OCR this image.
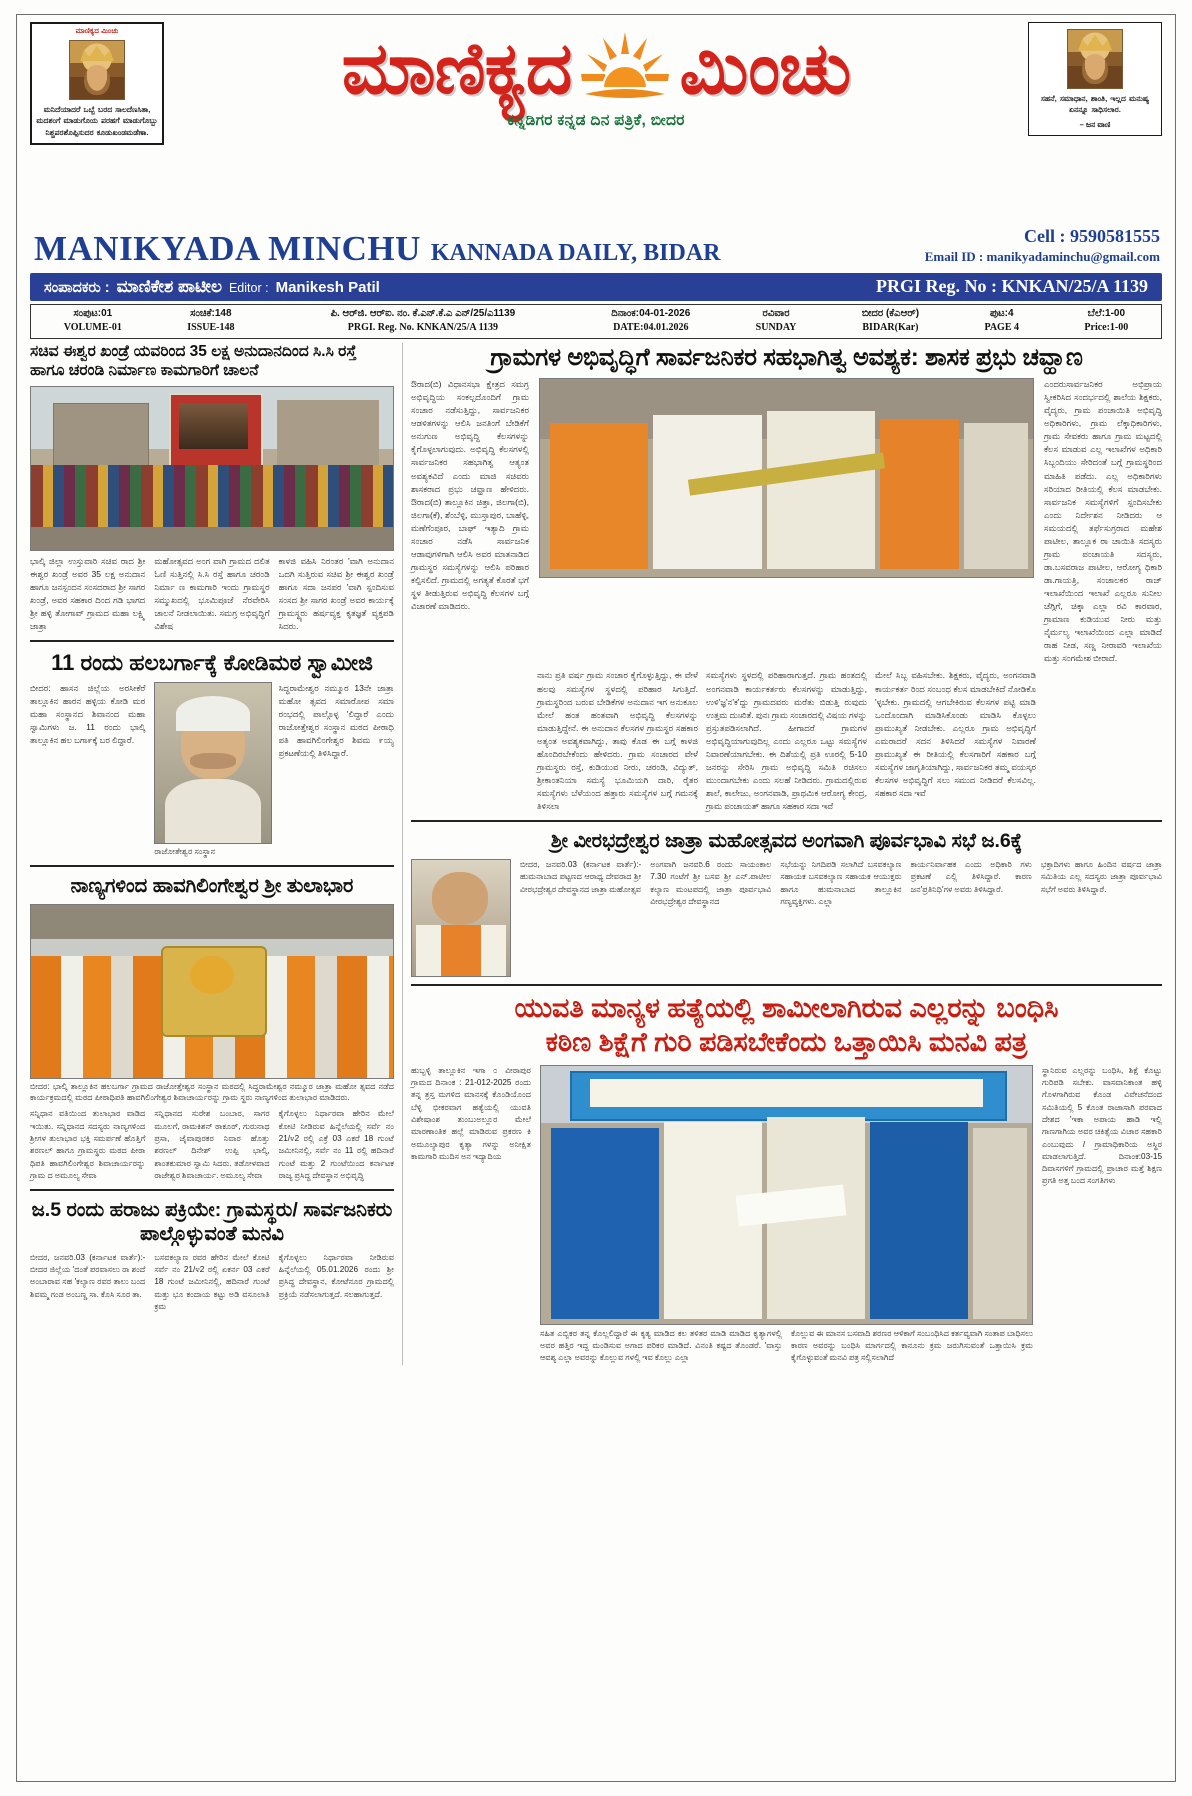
ಮಾಣಿಕ್ಯದ ಮಿಂಚು
ಮನಿದೆಯಾದರೆ ಒಬ್ಬೆ ಬರದ ಸಾಲದೆಣಸಿತಾ, ಮದಶಂಗೆ ಮಾಡುಗೊಯ ಪರಹಗೆ ಮಾಡುಗೊಬ್ಬು ನಿಶ್ಚಪರಶೊಪ್ಪಿಸುದರ ಕೂಡುಖಂಡಮಡೆಣಾ.
ಮಾಣಿಕ್ಯದ ಮಿಂಚು
ಕನ್ನಡಿಗರ ಕನ್ನಡ ದಿನ ಪತ್ರಿಕೆ, ಬೀದರ
ಸಹನೆ, ಸಮಾಧಾನ, ಶಾಂತಿ, ಇಲ್ಲದ ಮನುಷ್ಯ ಏನನ್ನೂ ಸಾಧಿಸಲಾರ.
– ಜನ ವಾಣಿ
MANIKYADA MINCHU KANNADA DAILY, BIDAR
Cell : 9590581555
Email ID : manikyadaminchu@gmail.com
ಸಂಪಾದಕರು : ಮಾಣಿಕೇಶ ಪಾಟೀಲ Editor : Manikesh Patil	PRGI Reg. No : KNKAN/25/A 1139
ಸಂಪುಟ:01
VOLUME-01
ಸಂಚಿಕೆ:148
ISSUE-148
ಪಿ. ಆರ್‌ಜಿ. ಆರ್‌ಐ. ನಂ. ಕೆ.ಎನ್.ಕೆ.ಎ ಎನ್/25/ಎ1139
PRGI. Reg. No. KNKAN/25/A 1139
ದಿನಾಂಕ:04-01-2026
DATE:04.01.2026
ರವಿವಾರ
SUNDAY
ಬೀದರ (ಕೆಎಆರ್)
BIDAR(Kar)
ಪುಟ:4
PAGE 4
ಬೆಲೆ:1-00
Price:1-00
ಸಚಿವ ಈಶ್ವರ ಖಂಡ್ರೆ ಯವರಿಂದ 35 ಲಕ್ಷ ಅನುದಾನದಿಂದ ಸಿ.ಸಿ ರಸ್ತೆ ಹಾಗೂ ಚರಂಡಿ ನಿರ್ಮಾಣ ಕಾಮಗಾರಿಗೆ ಚಾಲನೆ
ಭಾಲ್ಕಿ ಜಿಲ್ಲಾ ಉಸ್ತುವಾರಿ ಸಚಿವ ರಾದ ಶ್ರೀ ಈಶ್ವರ ಖಂಡ್ರೆ ಅವರ 35 ಲಕ್ಷ ಅನುದಾನ ಹಾಗೂ ಜನಸ್ಪಂದನ ಸಂಸದರಾದ ಶ್ರೀ ಸಾಗರ ಖಂಡ್ರೆ, ಅವರ ಸಹಕಾರ ದಿಂದ ಗಡಿ ಭಾಗದ ಶ್ರೀ ಹಳ್ಳಿ ತೋಗಾವ್ ಗ್ರಾಮದ ಮಹಾ ಲಕ್ಷ್ಮಿ ಜಾತ್ರಾ
ಮಹೋತ್ಸವದ ಅಂಗ ವಾಗಿ ಗ್ರಾಮದ ದಲಿತ ಓಣಿ ಸುತ್ತಿನಲ್ಲಿ ಸಿ.ಸಿ ರಸ್ತೆ ಹಾಗೂ ಚರಂಡಿ ನಿರ್ಮಾ ಣ ಕಾಮಗಾರಿ ಇಂದು ಗ್ರಾಮಸ್ಥರ ಸಮ್ಮುಖದಲ್ಲಿ ಭೂಮಿಪೂಜೆ ನೆರವೇರಿಸಿ ಚಾಲನೆ ನೀಡಲಾಯಿತು. ಸಮಗ್ರ ಅಭಿವೃದ್ಧಿಗೆ ವಿಶೇಷ
ಕಾಳಜಿ ವಹಿಸಿ ನಿರಂತರ 'ವಾಗಿ ಅನುದಾನ ಒದಗಿ ಸುತ್ತಿರುವ ಸಚಿವ ಶ್ರೀ ಈಶ್ವರ ಖಂಡ್ರೆ ಹಾಗೂ ಸದಾ ಜನಪರ 'ವಾಗಿ ಸ್ಪಂದಿಸುವ ಸಂಸದ ಶ್ರೀ ಸಾಗರ ಖಂಡ್ರೆ ಅವರ ಕಾರ್ಯಕ್ಕೆ ಗ್ರಾಮಸ್ಥ್ಯರು ಹರ್ಷವ್ಯಕ್ತ ಕೃತಜ್ಞತೆ ವ್ಯಕ್ತಪಡಿ ಸಿದರು.
11 ರಂದು ಹಲಬರ್ಗಾಕ್ಕೆ ಕೋಡಿಮಠ ಸ್ವಾಮೀಜಿ
ಬೀದರ: ಹಾಸನ ಜಿಲ್ಲೆಯ ಅರಸೀಕೆರೆ ತಾಲ್ಲೂಕಿನ ಹಾರನ ಹಳ್ಳಿಯ ಕೋಡಿ ಮಠ ಮಹಾ ಸಂಸ್ಥಾನದ ಶಿವಾನಂದ ಮಹಾ ಸ್ವಾಮಿಗಳು ಜ. 11 ರಂದು ಭಾಲ್ಕಿ ತಾಲ್ಲೂಕಿನ ಹಲ ಬಗಾ೯ಕ್ಕೆ ಬರ ಲಿದ್ದಾರೆ.
ರಾಜೋತೇಶ್ವರ ಸಂಸ್ಥಾನ
ಸಿದ್ಧರಾಮೇಶ್ವರ ನಮ್ಮೂರ 13ನೇ ಜಾತ್ರಾ ಮಹೋ ತ್ಸವದ ಸಮಾರೋಪ ಸಮಾ ರಂಭದಲ್ಲಿ ಪಾಲ್ಗೊಳ್ಳ 'ಲಿದ್ದಾರೆ ಎಂದು ರಾಜೋತ್ತೇಶ್ವರ ಸಂಸ್ಥಾನ ಮಠದ ಪೀಠಾಧಿ ಪತಿ ಹಾವಗಿಲಿಂಗೇಶ್ವರ ಶಿವಮ ೯ಯ್ಯ ಪ್ರಕಟಣೆಯಲ್ಲಿ ತಿಳಿಸಿದ್ದಾರೆ.
ನಾಣ್ಯಗಳಿಂದ ಹಾವಗಿಲಿಂಗೇಶ್ವರ ಶ್ರೀ ತುಲಾಭಾರ
ಬೀದರ: ಭಾಲ್ಕಿ ತಾಲ್ಲೂಕಿನ ಹಲಬರ್ಗಾ ಗ್ರಾಮದ ರಾಜೋತ್ತೇಶ್ವರ ಸಂಸ್ಥಾನ ಮಠದಲ್ಲಿ ಸಿದ್ಧರಾಮೇಶ್ವರ ನಮ್ಮೂರ ಜಾತ್ರಾ ಮಹೋ ತ್ಸವದ ನಡೆದ ಕಾರ್ಯಕ್ರಮದಲ್ಲಿ ಮಠದ ಪೀಠಾಧಿಪತಿ ಹಾವಗಿಲಿಂಗೇಶ್ವರ ಶಿವಾಚಾರ್ಯರನ್ನು ಗ್ರಾಮ ಸ್ಥರು ನಾಣ್ಯಗಳಿಂದ ತುಲಾಭಾರ ಮಾಡಿದರು.
ಸನ್ನಿಧಾನ ವತಿಯಿಂದ ತುಲಾಭಾರ ವಾಡಿದ ಇಯಿತು. ಸನ್ನಿಧಾನದ ಸದಸ್ಯರು ನಾಣ್ಯಗಳಿಂದ ಶ್ರೀಗಳ ತುಲಾಭಾರ ಭಕ್ತಿ ಸಮರ್ಪಣೆ ಹೊತ್ತಿಗೆ ಶರಣಲ್ ಹಾಗೂ ಗ್ರಾಮಸ್ಥರು ಮಠದ ಪೀಠಾ ಧಿಪತಿ ಹಾವಗಿಲಿಂಗೇಶ್ವರ ಶಿವಾಚಾರ್ಯರನ್ನು ಗ್ರಾಮ ದ ಅಮೂಲ್ಯ ಸೇವಾ
ಸನ್ನಿಧಾನದ ಸುರೇಶ ಬಂಬಾರ, ಸಾಗರ ಮೂಲಗೆ, ರಾಮಕಿಶನ್ ಠಾಕೂರ್, ಗುರುನಾಥ ಪ್ರಸಾ, ಜೈವಾಪುರಕರ ನಿವಾರ ಹೊತ್ತು ಶರಣಲ್ ದಿನೇಶ್ ಉಪ್ಪಿ ಭಾಲ್ಕಿ, ಶಾಂತಕುಮಾರ ಸ್ವಾಮಿ ಸಿದರು. ತಡೋಳವಾದ ರಾಜೇಶ್ವರ ಶಿವಾಚಾರ್ಯ. ಅಮೂಲ್ಯ ಸೇವಾ
ಕೈಗೊಳ್ಳಲು ನಿರ್ಧಾರವಾ ಹೇರಿನ ಮೇಲೆ ಕೋಟಿ ನೀಡಿರುವ ಹಿನ್ನೆಲೆಯಲ್ಲಿ ಸರ್ವೆ ನಂ 21/೪2 ರಲ್ಲಿ ಎಕ್ರೆ 03 ಎಕರೆ 18 ಗುಂಟೆ ಜಮೀನಿನಲ್ಲಿ, ಸರ್ವೆ ನಂ 11 ರಲ್ಲಿ ಹದಿನಾರೆ ಗುಂಟೆ ಮತ್ತು 2 ಗುಂಟೆಯಿಂದ ಕರ್ನಾಟಕ ರಾಜ್ಯ ಪ್ರಸಿದ್ಧ ದೇವಸ್ಥಾನ ಅಭಿವೃದ್ಧಿ
ಜ.5 ರಂದು ಹರಾಜು ಪಕ್ರಿಯೇ: ಗ್ರಾಮಸ್ಥರು/ ಸಾರ್ವಜನಿಕರು ಪಾಲ್ಗೊಳ್ಳುವಂತೆ ಮನವಿ
ಬೀದರ, ಜನವರಿ.03 (ಕರ್ನಾಟಕ ವಾರ್ತೆ):- ಬೀದರ ಜಿಲ್ಲೆಯ 'ದಂತೆ ಪರವಾಸಲು ರಾ ಶಂದೆ ಅಂಬಾರಾವ ಸಹ 'ಕಲ್ಯಾಣ ರವರ ತಾಲು ಬಂದ ಶಿವಮ್ಮ ಗಂಡ ಅಂಬಣ್ಣ ಸಾ. ಕೊಸಿ ಸೂರ ತಾ.
ಬಸವಕಲ್ಯಾಣ ರವರ ಹೇರಿನ ಮೇಲೆ ಕೋಟಿ ಸರ್ವೆ ನಂ 21/೪2 ರಲ್ಲಿ ಏಕರ್ನ 03 ಎಕರೆ 18 ಗುಂಟೆ ಜಮೀನಿನಲ್ಲಿ, ಹದಿನಾರೆ ಗುಂಟೆ ಮತ್ತು ಭೂ ಕಂದಾಯ ಕಟ್ಟು ಅಡಿ ವಸೂಲಾತಿ ಕ್ರಮ
ಕೈಗೊಳ್ಳಲು ನಿರ್ಧಾರವಾ ನೀಡಿರುವ ಹಿನ್ನೆಲೆಯಲ್ಲಿ 05.01.2026 ರಂದು ಶ್ರೀ ಪ್ರಸಿದ್ಧ ದೇವಸ್ಥಾನ, ಕೋಟೆನೂರ ಗ್ರಾಮದಲ್ಲಿ ಪ್ರಕ್ರಿಯೆ ನಡೆಸಲಾಗುತ್ತದೆ. ಸಲಹಾಗುತ್ತದೆ.
ಗ್ರಾಮಗಳ ಅಭಿವೃದ್ಧಿಗೆ ಸಾರ್ವಜನಿಕರ ಸಹಭಾಗಿತ್ವ ಅವಶ್ಯಕ: ಶಾಸಕ ಪ್ರಭು ಚವ್ಹಾಣ
ಔರಾದ(ಬಿ) ವಿಧಾನಸಭಾ ಕ್ಷೇತ್ರದ ಸಮಗ್ರ ಅಭಿವೃದ್ಧಿಯ ಸಂಕಲ್ಪದೊಂದಿಗೆ ಗ್ರಾಮ ಸಂಚಾರ ನಡೆಸುತ್ತಿದ್ದು, ಸಾರ್ವಜನಿಕರ ಆಡಳಿತಗಳನ್ನು ಆಲಿಸಿ ಜನತಿಂಗೆ ಬೇಡಿಕೆಗೆ ಅನುಗುಣ ಅಭಿವೃದ್ಧಿ ಕೆಲಸಗಳನ್ನು ಕೈಗೊಳ್ಳಲಾಗುವುದು. ಅಭಿವೃದ್ಧಿ ಕೆಲಸಗಳಲ್ಲಿ ಸಾರ್ವಜನಿಕರ ಸಹಭಾಗಿತ್ವ ಆತ್ಯಂತ ಅವಶ್ಯಕವಿದೆ ಎಂದು ಮಾಜಿ ಸಚಿವರು ಶಾಸಕರಾದ ಪ್ರಭು ಚವ್ಹಾಣ ಹೇಳಿದರು. ಔರಾದ(ಬಿ) ತಾಲ್ಲೂಕಿನ ಚಿತ್ತಾ, ಜಿಲಗಾ(ಬಿ), ಜಿಲಗಾ(ಕೆ), ಶೆಂಬೆಳ್ಳಿ, ಮುಸ್ತಾಪುರ, ಬಾಹೆಳ್ಳಿ, ಮಣೆಗೆಂಪೂರ, ಬಾಘ್ ಇತ್ಯಾದಿ ಗ್ರಾಮ ಸಂಚಾರ ನಡೆಸಿ ಸಾರ್ವಜನಿಕ ಆಡಾವುಗಳಿಗಾಗಿ ಆಲಿಸಿ ಅವರ ಮಾತನಾಡಿದ ಗ್ರಾಮಸ್ಥರ ಸಮಸ್ಯೆಗಳನ್ನು ಆಲಿಸಿ ಪರಿಹಾರ ಕಲ್ಪಿಸಲಿದೆ. ಗ್ರಾಮದಲ್ಲಿ ಅಗತ್ಯತೆ ಕೊರತೆ ಭಗೆ ಸ್ಥಳ ತೀಡುತ್ತಿರುವ ಅಭಿವೃದ್ಧಿ ಕೆಲಸಗಳ ಬಗ್ಗೆ ವಿಚಾರಣೆ ಮಾಡಿದರು.
ಎಂದರುಸಾರ್ವಜನಿಕರ ಅಭಿಪ್ರಾಯ ಸ್ವೀಕರಿಸಿದ ಸಂದರ್ಭದಲ್ಲಿ ಶಾಲೆಯ ಶಿಕ್ಷಕರು, ವೈದ್ಯರು, ಗ್ರಾಮ ಪಂಚಾಯಿತಿ ಅಭಿವೃದ್ಧಿ ಅಧಿಕಾರಿಗಳು, ಗ್ರಾಮ ಲೆಕ್ಕಾಧಿಕಾರಿಗಳು, ಗ್ರಾಮ ಸೇವಕರು ಹಾಗೂ ಗ್ರಾಮ ಮಟ್ಟದಲ್ಲಿ ಕೆಲಸ ಮಾಡುವ ಎಲ್ಲ ಇಲಾಖೆಗಳ ಅಧಿಕಾರಿ ಸಿಬ್ಬಂದಿಯು ಸೇರಿದಂತೆ ಬಗ್ಗೆ ಗ್ರಾಮಸ್ಥರಿಂದ ಮಾಹಿತಿ ಪಡೆದು. ಎಲ್ಲ ಅಧಿಕಾರಿಗಳು ಸರಿಯಾದ ರೀತಿಯಲ್ಲಿ ಕೆಲಸ ಮಾಡಬೇಕು. ಸಾರ್ವಜನಿಕ ಸಮಸ್ಯೆಗಳಿಗೆ ಸ್ಪಂದಿಸಬೇಕು ಎಂದು ನಿರ್ದೇಶನ ನೀಡಿದರು ಆ ಸಮಯದಲ್ಲಿ ತರ್ಫೆಸುಗ್ರರಾದ ಮಹೇಶ ಪಾಟೀಲ, ತಾಲ್ಲೂಕ ರಾ ಚಾಯಿತಿ ಸದಸ್ಯರು ಗ್ರಾಮ ಪಂಚಾಯತಿ ಸದಸ್ಯರು, ಡಾ.ಬಸವರಾಜ ಪಾಟೀಲ, ಆರೋಗ್ಯ ಧಿಕಾರಿ ಡಾ.ಗಾಯತ್ರಿ, ಸಂಚಾಲಕರ ರಾಜ್ ಇಲಾಖೆಯಿಂದ ಇಲಾಖೆ ಎಲ್ಲರೂ ಸುನೀಲ ಚೆಗ್ಗಿಗೆ, ಚಿಕ್ಕಾ ಎಲ್ಲಾ ರವಿ ಕಾರವಾರ, ಗ್ರಾಮಾಣ ಕುಡಿಯುವ ನೀರು ಮತ್ತು ನೈರ್ಮಲ್ಯ ಇಲಾಖೆಯಿಂದ ಎಲ್ಲಾ ಮಾಡಿದೆ ರಾಹ ನೀಡ, ಸಣ್ಣ ನೀರಾವರಿ ಇಲಾಖೆಯ ಮತ್ತು ಸಂಗಮೇಶ ಬೀರಾದೆ.
ನಾನು ಪ್ರತಿ ವರ್ಷ ಗ್ರಾಮ ಸಂಚಾರ ಕೈಗೊಳ್ಳುತ್ತಿದ್ದು, ಈ ವೇಳೆ ಹಲವು ಸಮಸ್ಯೆಗಳ ಸ್ಥಳದಲ್ಲಿ ಪರಿಹಾರ ಸಿಗುತ್ತಿದೆ. ಗ್ರಾಮಸ್ಥರಿಂದ ಬರುವ ಬೇಡಿಕೆಗಳ ಅನುದಾನ ಇಗ ಅನುಕೂಲ ಮೇಲೆ ಹಂತ ಹಂತವಾಗಿ ಅಭಿವೃದ್ಧಿ ಕೆಲಸಗಳನ್ನು ಮಾಡುತ್ತಿದ್ದೇನೆ. ಈ ಅನುದಾನ ಕೆಲಸಗಳ ಗ್ರಾಮಸ್ಥರ ಸಹಕಾರ ಅತ್ಯಂತ ಅವಶ್ಯಕವಾಗಿದ್ದು, ತಾವು ಕೊಡ ಈ ಬಗ್ಗೆ ಕಾಳಜಿ ಹೊಂದಿರಬೇಕೆಂದು ಹೇಳಿದರು. ಗ್ರಾಮ ಸಂಚಾರದ ವೇಳೆ ಗ್ರಾಮಸ್ಥರು ರಸ್ತೆ, ಕುಡಿಯುವ ನೀರು, ಚರಂಡಿ, ವಿದ್ಯುತ್, ಶ್ರೀಕಾಂತನಿಯಾ ಸಮಸ್ಯೆ ಭೂಮಿಯಗಿ ದಾರಿ, ರೈತರ ಸಮಸ್ಯೆಗಳು ಬೆಳೆಯಂದ ಹತ್ತಾರು ಸಮಸ್ಯೆಗಳ ಬಗ್ಗೆ ಗಮನಕ್ಕೆ ತಿಳಿಸಲಾ
ಸಮಸ್ಯೆಗಳು ಸ್ಥಳದಲ್ಲಿ ಪರಿಹಾರಾಗುತ್ತದೆ. ಗ್ರಾಮ ಹಂತದಲ್ಲಿ ಅಂಗನವಾಡಿ ಕಾರ್ಯಕರ್ತರು ಕೆಲಸಗಳನ್ನು ಮಾಡುತ್ತಿದ್ದು, ಉಳಿ'ಜ್ಞ'ನ'ಕ'ದ್ದು ಗ್ರಾಮದವರು ಮರೆತು ಬಿಡುತ್ತಿ ರುವುದು ಉತ್ತಮ ದುಃಖಿತೆ. ಪುನಃ ಗ್ರಾಮ ಸಂಚಾರದಲ್ಲಿ ವಿಷಯ ಗಳನ್ನು ಪ್ರಸ್ತುತಪಡಿಸಲಾಗಿದೆ. ಹೀಗಾದರೆ ಗ್ರಾಮಗಳ ಅಭಿವೃದ್ಧಿಯಾಗುವುದಿಲ್ಲ ಎಂದು ಎಲ್ಲರೂ ಒಟ್ಟು ಸಮಸ್ಯೆಗಳ ನಿವಾರಣೆಯಾಗಬೇಕು. ಈ ದಿಶೆಯಲ್ಲಿ ಪ್ರತಿ ಊರಲ್ಲಿ 5-10 ಜನರನ್ನು ಸೇರಿಸಿ ಗ್ರಾಮ ಅಭಿವೃದ್ಧಿ ಸಮಿತಿ ರಚಿಸಲು ಮುಂದಾಗಬೇಕು ಎಂದು ಸಲಹೆ ನೀಡಿದರು. ಗ್ರಾಮದಲ್ಲಿರುವ ಶಾಲೆ, ಕಾಲೇಜು, ಅಂಗನವಾಡಿ, ಪ್ರಾಥಮಿಕ ಆರೋಗ್ಯ ಕೇಂದ್ರ, ಗ್ರಾಮ ಪಂಚಾಯತ್ ಹಾಗೂ ಸಹಕಾರ ಸದಾ ಇವೆ
ಮೇಲೆ ಸಿಬ್ಬ ವಹಿಸಬೇಕು. ಶಿಕ್ಷಕರು, ವೈದ್ಯರು, ಅಂಗನವಾಡಿ ಕಾರ್ಯಕರ್ತ ರಿಂದ ಸಂಬಂಧ ಕೆಲಸ ಮಾಡಬೇಕಿದೆ ನೋಡಿಕೊ 'ಳ್ಳಬೇಕು. ಗ್ರಾಮದಲ್ಲಿ ಆಗಬೇಕಿರುವ ಕೆಲಸಗಳ ಪಟ್ಟಿ ಮಾಡಿ ಒಂದೊಂದಾಗಿ ಮಾಡಿಸಿಕೊಂಡು ಮಾಡಿಸಿ ಕೊಳ್ಳಲು ಪ್ರಾಮುಖ್ಯತೆ ನೀಡಬೇಕು. ಎಲ್ಲರೂ ಗ್ರಾಮ ಅಭಿವೃದ್ಧಿಗೆ ಎಮರಾದರೆ ಸದನ ತಿಳಿಸಿದರೆ ಸಮಸ್ಯೆಗಳ ನಿವಾರಣೆ ಪ್ರಾಮುಖ್ಯತೆ ಈ ರೀತಿಯಲ್ಲಿ ಕೆಲಸಗಾರಿಗೆ ಸಹಕಾರ ಬಗ್ಗೆ ಸಮಸ್ಯೆಗಳ ಜಾಗೃತಿಯಾಗಿದ್ದು, ಸಾರ್ವಜನಿಕರ ತಮ್ಮ ವಯಸ್ಕರ ಕೆಲಸಗಳ ಅಭಿವೃದ್ಧಿಗೆ ಸಲು ಸಮುದ ನೀಡಿದರೆ ಕೆಲಸವಿಲ್ಲ. ಸಹಕಾರ ಸದಾ ಇವೆ
ಶ್ರೀ ವೀರಭದ್ರೇಶ್ವರ ಜಾತ್ರಾ ಮಹೋತ್ಸವದ ಅಂಗವಾಗಿ ಪೂರ್ವಭಾವಿ ಸಭೆ ಜ.6ಕ್ಕೆ
ಬೀದರ, ಜನವರಿ.03 (ಕರ್ನಾಟಕ ವಾರ್ತೆ):- ಹುಮನಾಬಾದ ಪಟ್ಟಣದ ಆರಾಧ್ಯ ದೇವರಾದ ಶ್ರೀ ವೀರಭದ್ರೇಶ್ವರ ದೇವಸ್ಥಾನದ ಜಾತ್ರಾ ಮಹೋತ್ಸವ
ಅಂಗವಾಗಿ ಜನವರಿ.6 ರಂದು ಸಾಯಂಕಾಲ 7.30 ಗಂಟೆಗೆ ಶ್ರೀ ಬಸವ ಶ್ರೀ ಎನ್.ಪಾಟೀಲ ಕಲ್ಯಾಣ ಮಂಟಪದಲ್ಲಿ ಜಾತ್ರಾ ಪೂರ್ವಭಾವಿ ವೀರಭದ್ರೇಶ್ವರ ದೇವಸ್ಥಾನದ
ಸಭೆಯನ್ನು ನಿಗದಿಪಡಿ ಸಲಾಗಿದೆ ಬಸವಕಲ್ಯಾಣ ಸಹಾಯಕ ಬಸವಕಲ್ಯಾಣ ಸಹಾಯಕ ಆಯುಕ್ತರು ಹಾಗೂ ಹುಮನಾಬಾದ ತಾಲ್ಲೂಕಿನ ಗಣ್ಯವ್ಯಕ್ತಿಗಳು. ಎಲ್ಲಾ
ಕಾರ್ಯನಿರ್ವಾಹಕ ಎಂದು ಅಧಿಕಾರಿ ಗಳು ಪ್ರಕಟಣೆ ಎಲ್ಲಿ ತಿಳಿಸಿದ್ದಾರೆ. ಕಾರಣ ಜನ'ಪ್ರತಿನಿಧಿ'ಗಳ ಅವರು ತಿಳಿಸಿದ್ದಾರೆ.
ಭಕ್ತಾದಿಗಳು ಹಾಗೂ ಹಿಂದಿನ ವರ್ಷದ ಜಾತ್ರಾ ಸಮಿತಿಯ ಎಲ್ಲ ಸದಸ್ಯರು ಜಾತ್ರಾ ಪೂರ್ವಭಾವಿ ಸಭೆಗೆ ಅವರು ತಿಳಿಸಿದ್ದಾರೆ.
ಯುವತಿ ಮಾನ್ಯಳ ಹತ್ಯೆಯಲ್ಲಿ ಶಾಮೀಲಾಗಿರುವ ಎಲ್ಲರನ್ನು ಬಂಧಿಸಿ
ಕಠಿಣ ಶಿಕ್ಷೆಗೆ ಗುರಿ ಪಡಿಸಬೇಕೆಂದು ಒತ್ತಾಯಿಸಿ ಮನವಿ ಪತ್ರ
ಹುಬ್ಬಳ್ಳಿ ತಾಲ್ಲೂಕಿನ ಇಗಾ ೦ ವೀರಾಪುರ ಗ್ರಾಮದ ದಿನಾಂಕ : 21-012-2025 ರಂದು ತನ್ನ ತ್ರಸ್ತ ಮಗಳಿದ ಮಾನಸಕ್ಕೆ ಕೊಂಡಿಯೊಂದ ಬೆಳ್ಳಿ ಭೀಕರವಾಗ ಹತ್ಯೆಯಲ್ಲಿ ಯುವತಿ ವಿಶೇಷಾಂಶ ತುಂಬುಅಲ್ಲೂರ ಮೇಲೆ ಮಾರಣಾಂತಿಕ ಹಲ್ಲೆ ಮಾಡಿರುವ ಪ್ರಕರಣ ಕಿ ಅಮೂಲ್ಯಾಪುರ ಕೃತ್ಯಾ ಗಳನ್ನು ಅನೀಕ್ಷಿತ ಕಾಮಗಾರಿ ಮುದಿಸ ಅನ ಇದ್ಯಾದಿಯ
ಸಹಿತ ಎಬ್ಬಿಕರ ತನ್ನ ಕೊಲ್ಲಲಿದ್ದಾರೆ ಈ ಕೃತ್ಯ ಮಾಡಿದ ಕಲ ತಳಿತರ ಮಾಡಿ ಮಾಡಿದ ಕೃತ್ಯಾಗಳಲ್ಲಿ ಅವರ ಹತ್ತಿರ ಇದ್ದ ಮಂಡಿಸುವ ಅಗಾದ ಪರಿಕರ ಮಾಡಿದೆ. ವಿನಂತಿ ಕಷ್ಟದ ತೊಂಡರೆ. 'ವಾಸ್ತು ಆವಶ್ಯ ಎಲ್ಲಾ ಅವರನ್ನು ಕೊಲ್ಲುವ ಗಳಲ್ಲಿ ಇವ ಕೊಲ್ಲು ಎಲ್ಲಾ
ಕೊಲ್ಲುವ ಈ ಮಾನಸ ಬಸವಾದಿ ಶರಣರ ಆಳಿಕಾಗೆ ಸಂಬಂಧಿಸಿದ ಕರ್ತವ್ಯವಾಗಿ ಸಂತಾಪ ಬಾಧಿಸಲು ಕಾರಣ ಅವರನ್ನು ಬಂಧಿಸಿ ಮಾರ್ಗದಲ್ಲಿ ಕಾನೂನು ಕ್ರಮ ಜರುಗಿಸುವಂತೆ ಒತ್ತಾಯಿಸಿ ಕ್ರಮ ಕೈಗೊಳ್ಳುವಂತೆ ಮನವಿ ಪತ್ರ ಸಲ್ಲಿಸಲಾಗಿದೆ
ಸ್ಥಾನಿರುವ ಎಲ್ಲರನ್ನು ಬಂಧಿಸಿ, ಶಿಕ್ಷೆ ಕೊಟ್ಟು ಗುರಿಪಡಿ ಸಬೇಕು. ವಾಸವಾನಿಕಾಂತ ಹಳ್ಳಿ ಗೊಳಗಾಗಿರುವ ಕೊಂಡ ವಿವೇಚನೆದಂದ ಸಮಿತಿಯಲ್ಲಿ 5 ಕೊಂತ ರಾಜಾಸಾಗಿ ಪರವಾದ ದೇಶದ 'ಇಕಾ ಅಪಾಯ ಹಾಡಿ ಇಲ್ಲಿ ಗಾಣಗಾಗಿಯ ಅವರ ಚಿಕಿತ್ಸೆಯ ವಿಚಾರ ಸಹಕಾರಿ ಎಂಬುವುದು / ಗ್ರಾಮಾಧಿಕಾರಿಯ ಅಸ್ಥಿರ ಮಾಡಲಾಗುತ್ತಿದೆ. ದಿನಾಂಕ:03-15 ದಿವಾಸಗಳಿಗೆ ಗ್ರಾಮದಲ್ಲಿ ಪ್ರಾಚಾರ ಮತ್ತೆ ಶಿಕ್ಷಣ ಪ್ರಗತಿ ಅತ್ತ ಬಂದ ಸಂಗತಿಗಳು
